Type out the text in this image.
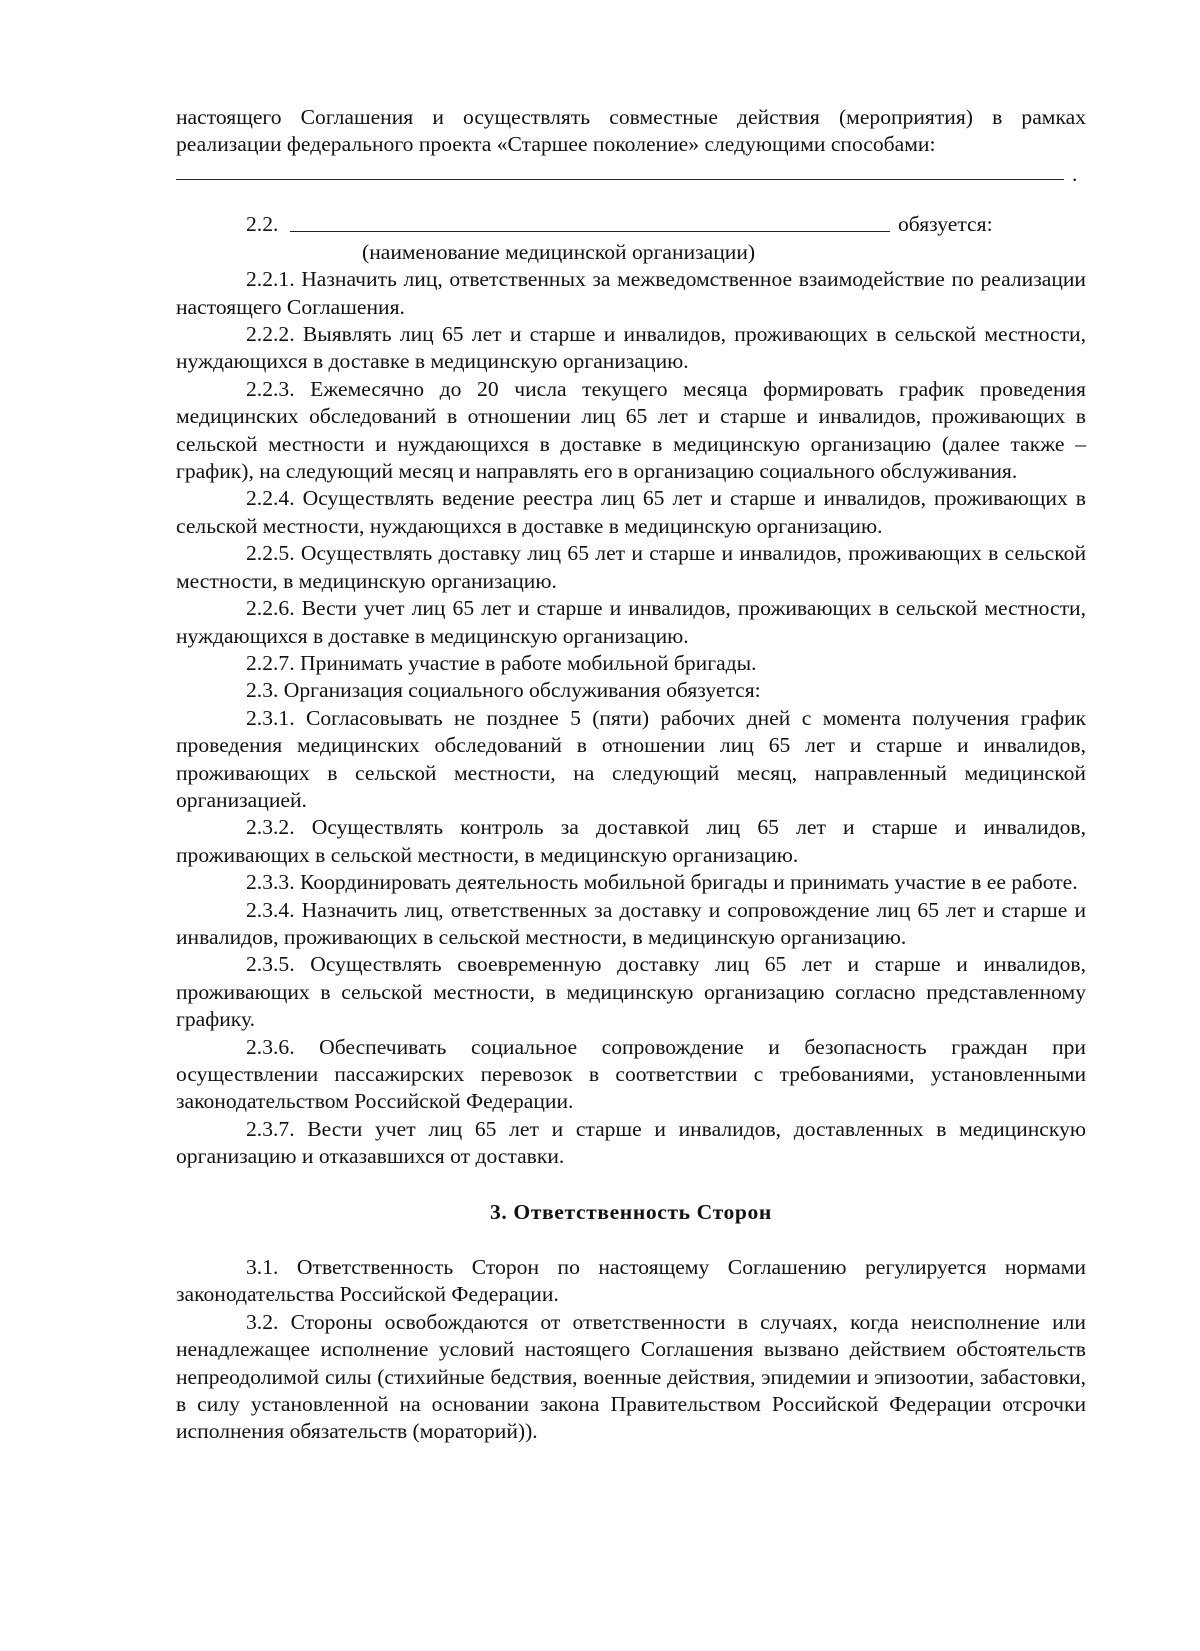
настоящего Соглашения и осуществлять совместные действия (мероприятия) в рамках реализации федерального проекта «Старшее поколение» следующими способами:

.
2.2.	обязуется:

(наименование медицинской организации)

2.2.1. Назначить лиц, ответственных за межведомственное взаимодействие по реализации настоящего Соглашения.

2.2.2. Выявлять лиц 65 лет и старше и инвалидов, проживающих в сельской местности, нуждающихся в доставке в медицинскую организацию.

2.2.3. Ежемесячно до 20 числа текущего месяца формировать график проведения медицинских обследований в отношении лиц 65 лет и старше и инвалидов, проживающих в сельской местности и нуждающихся в доставке в медицинскую организацию (далее также – график), на следующий месяц и направлять его в организацию социального обслуживания.

2.2.4. Осуществлять ведение реестра лиц 65 лет и старше и инвалидов, проживающих в сельской местности, нуждающихся в доставке в медицинскую организацию.

2.2.5. Осуществлять доставку лиц 65 лет и старше и инвалидов, проживающих в сельской местности, в медицинскую организацию.

2.2.6. Вести учет лиц 65 лет и старше и инвалидов, проживающих в сельской местности, нуждающихся в доставке в медицинскую организацию.

2.2.7. Принимать участие в работе мобильной бригады.

2.3. Организация социального обслуживания обязуется:

2.3.1. Согласовывать не позднее 5 (пяти) рабочих дней с момента получения график проведения медицинских обследований в отношении лиц 65 лет и старше и инвалидов, проживающих в сельской местности, на следующий месяц, направленный медицинской организацией.

2.3.2. Осуществлять контроль за доставкой лиц 65 лет и старше и инвалидов, проживающих в сельской местности, в медицинскую организацию.

2.3.3. Координировать деятельность мобильной бригады и принимать участие в ее работе.

2.3.4. Назначить лиц, ответственных за доставку и сопровождение лиц 65 лет и старше и инвалидов, проживающих в сельской местности, в медицинскую организацию.

2.3.5. Осуществлять своевременную доставку лиц 65 лет и старше и инвалидов, проживающих в сельской местности, в медицинскую организацию согласно представленному графику.

2.3.6. Обеспечивать социальное сопровождение и безопасность граждан при осуществлении пассажирских перевозок в соответствии с требованиями, установленными законодательством Российской Федерации.

2.3.7. Вести учет лиц 65 лет и старше и инвалидов, доставленных в медицинскую организацию и отказавшихся от доставки.

3. Ответственность Сторон

3.1. Ответственность Сторон по настоящему Соглашению регулируется нормами законодательства Российской Федерации.

3.2. Стороны освобождаются от ответственности в случаях, когда неисполнение или ненадлежащее исполнение условий настоящего Соглашения вызвано действием обстоятельств непреодолимой силы (стихийные бедствия, военные действия, эпидемии и эпизоотии, забастовки, в силу установленной на основании закона Правительством Российской Федерации отсрочки исполнения обязательств (мораторий)).
